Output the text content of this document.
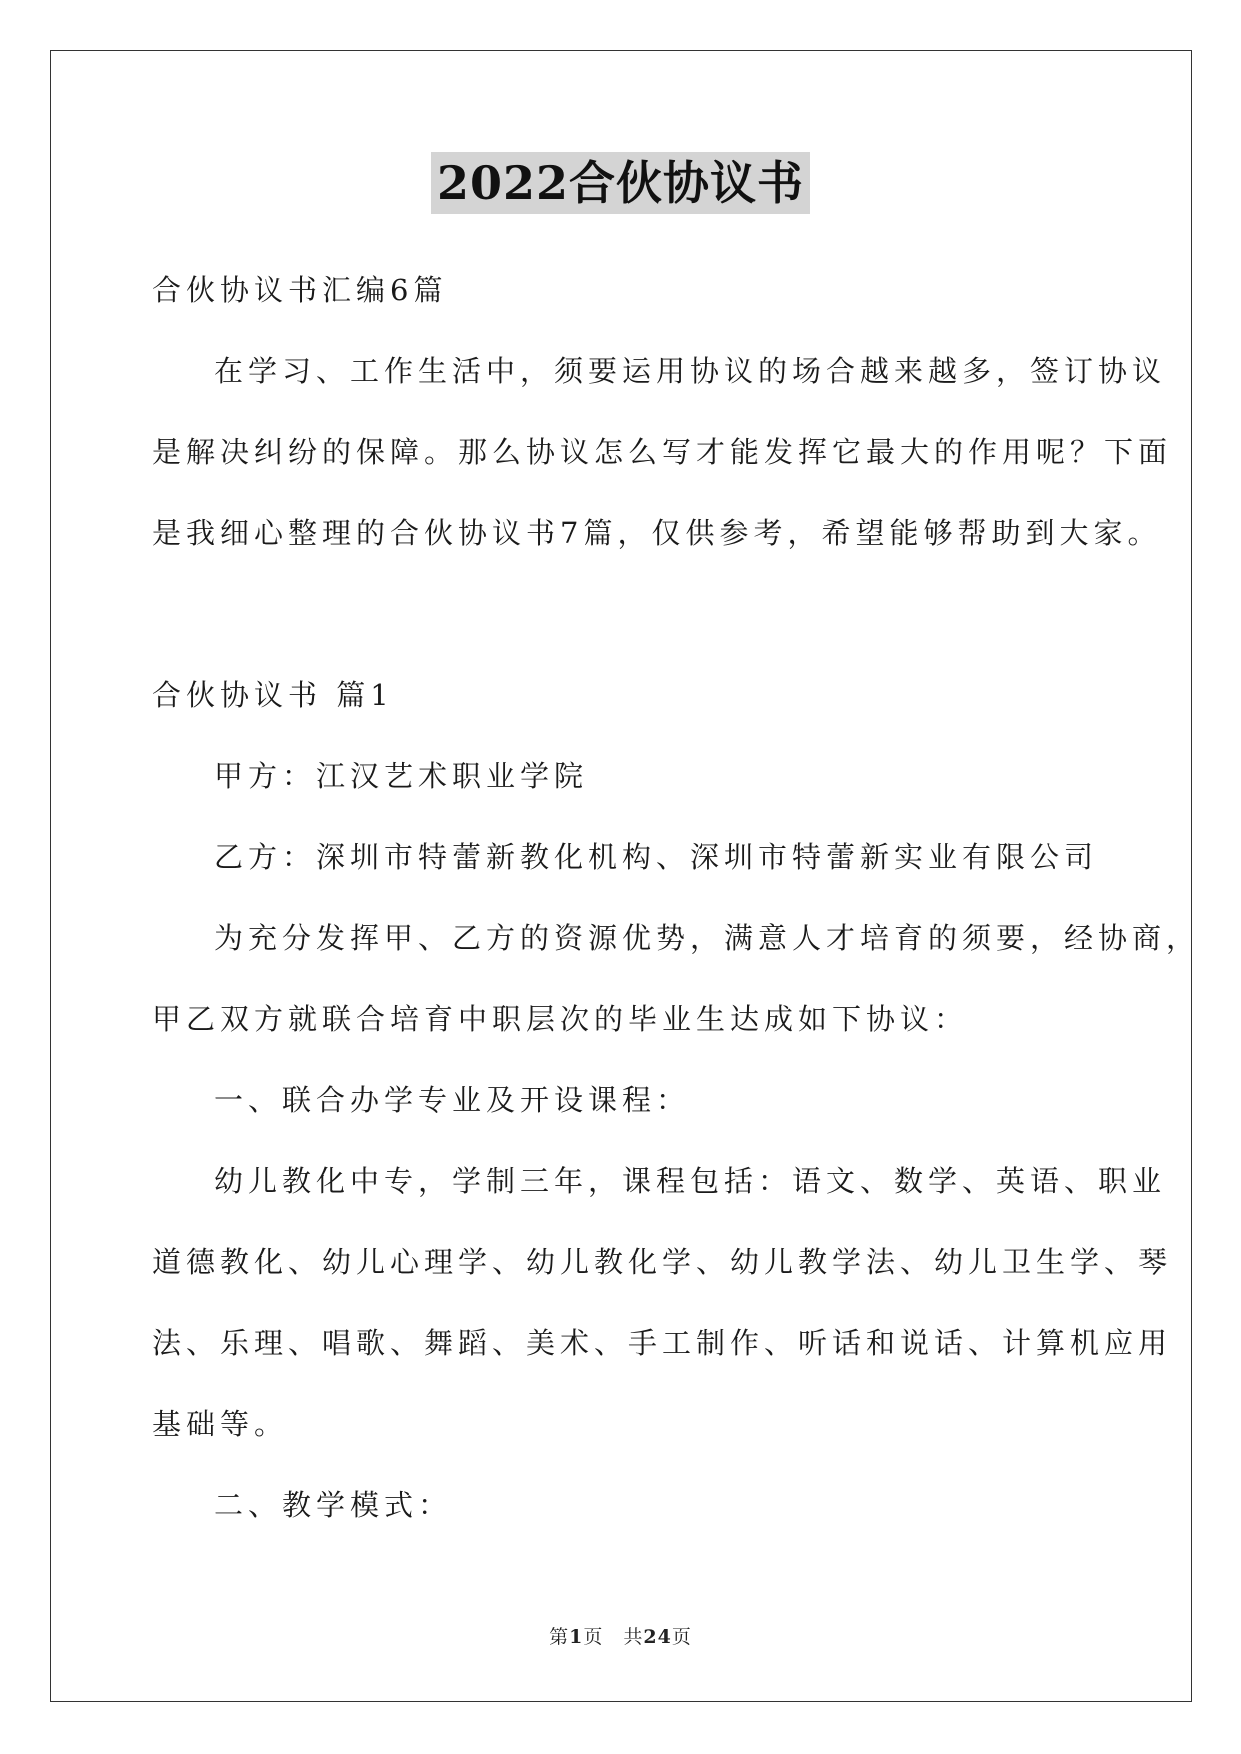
2022合伙协议书

合伙协议书汇编6篇

在学习、工作生活中，须要运用协议的场合越来越多，签订协议

是解决纠纷的保障。那么协议怎么写才能发挥它最大的作用呢？下面

是我细心整理的合伙协议书7篇，仅供参考，希望能够帮助到大家。

合伙协议书 篇1

甲方：江汉艺术职业学院

乙方：深圳市特蕾新教化机构、深圳市特蕾新实业有限公司

为充分发挥甲、乙方的资源优势，满意人才培育的须要，经协商，

甲乙双方就联合培育中职层次的毕业生达成如下协议：

一、联合办学专业及开设课程：

幼儿教化中专，学制三年，课程包括：语文、数学、英语、职业

道德教化、幼儿心理学、幼儿教化学、幼儿教学法、幼儿卫生学、琴

法、乐理、唱歌、舞蹈、美术、手工制作、听话和说话、计算机应用

基础等。

二、教学模式：

第1页　共24页
